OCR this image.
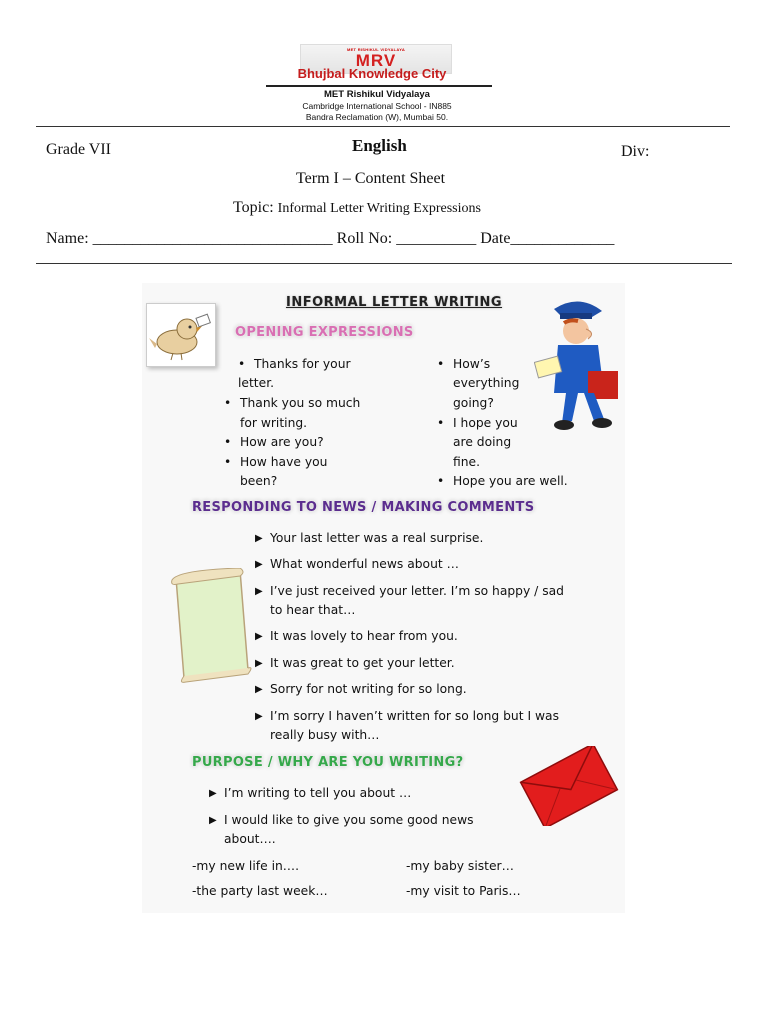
MET RISHIKUL VIDYALAYA
MRV
Bhujbal Knowledge City
MET Rishikul Vidyalaya
Cambridge International School - IN885
Bandra Reclamation (W), Mumbai 50.
Grade VII	English	Div:
Term I – Content Sheet
Topic: Informal Letter Writing Expressions
Name: ______________________________ Roll No: __________ Date_____________
INFORMAL LETTER WRITING
OPENING EXPRESSIONS
• Thanks for your
letter.
• Thank you so much
for writing.
• How are you?
• How have you
been?
• How’s
everything
going?
• I hope you
are doing
fine.
• Hope you are well.
RESPONDING TO NEWS / MAKING COMMENTS
▶ Your last letter was a real surprise.
▶ What wonderful news about …
▶ I’ve just received your letter. I’m so happy / sad
to hear that…
▶ It was lovely to hear from you.
▶ It was great to get your letter.
▶ Sorry for not writing for so long.
▶ I’m sorry I haven’t written for so long but I was
really busy with…
PURPOSE / WHY ARE YOU WRITING?
▶ I’m writing to tell you about …
▶ I would like to give you some good news
about….
-my new life in….	-my baby sister…
-the party last week…	-my visit to Paris…
